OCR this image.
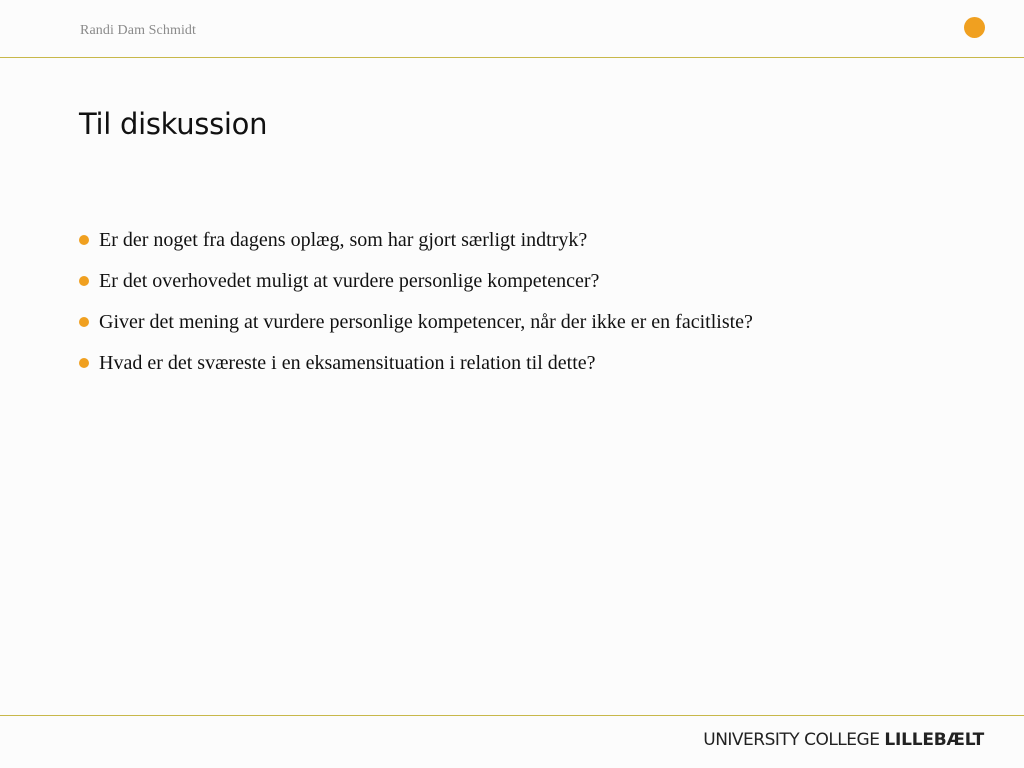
Randi Dam Schmidt
Til diskussion
Er der noget fra dagens oplæg, som har gjort særligt indtryk?
Er det overhovedet muligt at vurdere personlige kompetencer?
Giver det mening at vurdere personlige kompetencer, når der ikke er en facitliste?
Hvad er det sværeste i en eksamensituation i relation til dette?
UNIVERSITY COLLEGE LILLEBÆLT
